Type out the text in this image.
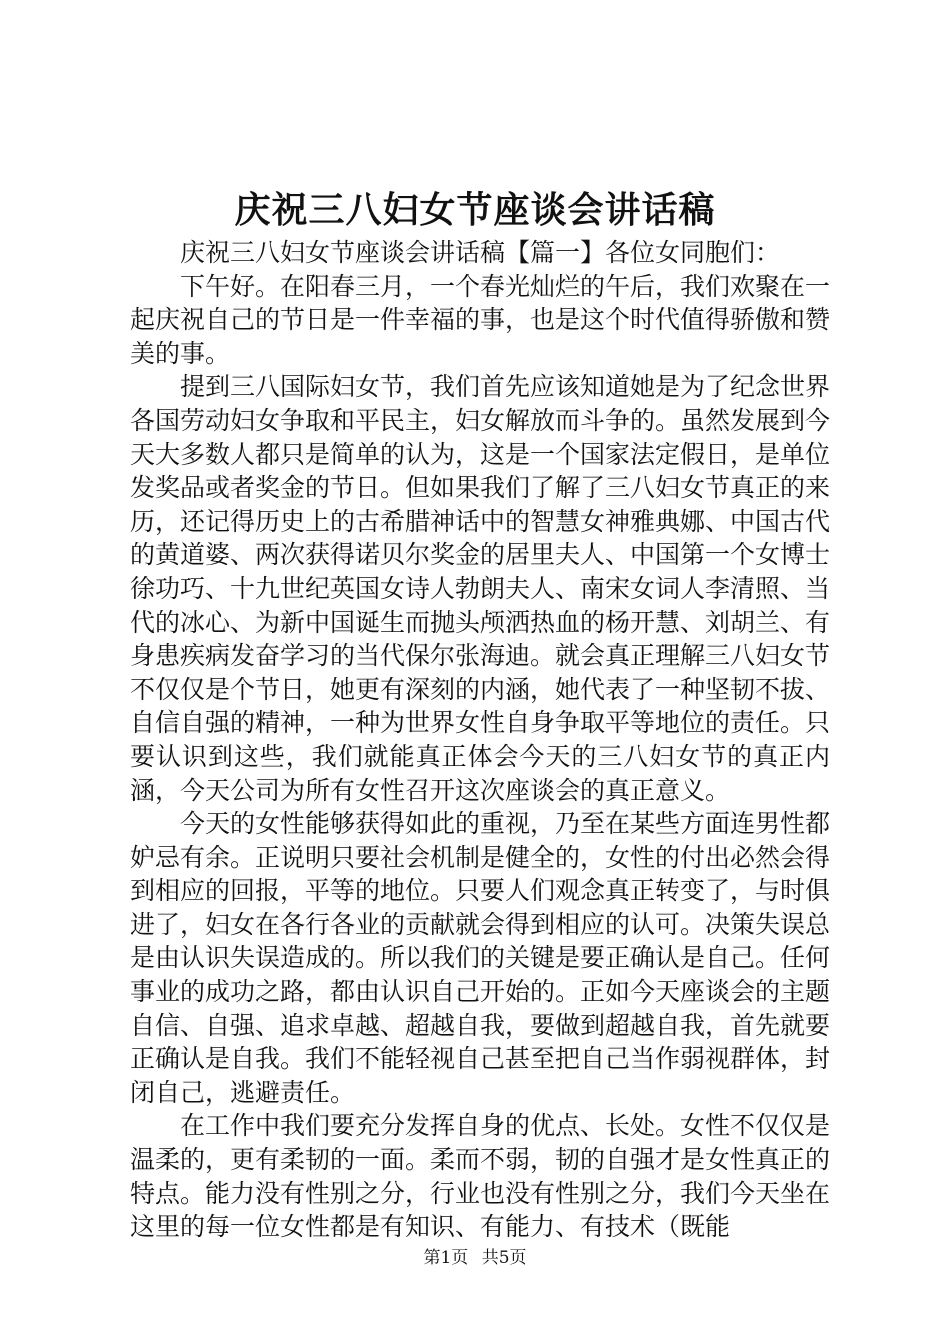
庆祝三八妇女节座谈会讲话稿

庆祝三八妇女节座谈会讲话稿【篇一】各位女同胞们：

下午好。在阳春三月，一个春光灿烂的午后，我们欢聚在一起庆祝自己的节日是一件幸福的事，也是这个时代值得骄傲和赞美的事。

提到三八国际妇女节，我们首先应该知道她是为了纪念世界各国劳动妇女争取和平民主，妇女解放而斗争的。虽然发展到今天大多数人都只是简单的认为，这是一个国家法定假日，是单位发奖品或者奖金的节日。但如果我们了解了三八妇女节真正的来历，还记得历史上的古希腊神话中的智慧女神雅典娜、中国古代的黄道婆、两次获得诺贝尔奖金的居里夫人、中国第一个女博士徐功巧、十九世纪英国女诗人勃朗夫人、南宋女词人李清照、当代的冰心、为新中国诞生而抛头颅洒热血的杨开慧、刘胡兰、有身患疾病发奋学习的当代保尔张海迪。就会真正理解三八妇女节不仅仅是个节日，她更有深刻的内涵，她代表了一种坚韧不拔、自信自强的精神，一种为世界女性自身争取平等地位的责任。只要认识到这些，我们就能真正体会今天的三八妇女节的真正内涵，今天公司为所有女性召开这次座谈会的真正意义。

今天的女性能够获得如此的重视，乃至在某些方面连男性都妒忌有余。正说明只要社会机制是健全的，女性的付出必然会得到相应的回报，平等的地位。只要人们观念真正转变了，与时俱进了，妇女在各行各业的贡献就会得到相应的认可。决策失误总是由认识失误造成的。所以我们的关键是要正确认是自己。任何事业的成功之路，都由认识自己开始的。正如今天座谈会的主题自信、自强、追求卓越、超越自我，要做到超越自我，首先就要正确认是自我。我们不能轻视自己甚至把自己当作弱视群体，封闭自己，逃避责任。

在工作中我们要充分发挥自身的优点、长处。女性不仅仅是温柔的，更有柔韧的一面。柔而不弱，韧的自强才是女性真正的特点。能力没有性别之分，行业也没有性别之分，我们今天坐在这里的每一位女性都是有知识、有能力、有技术（既能

第1页 共5页
